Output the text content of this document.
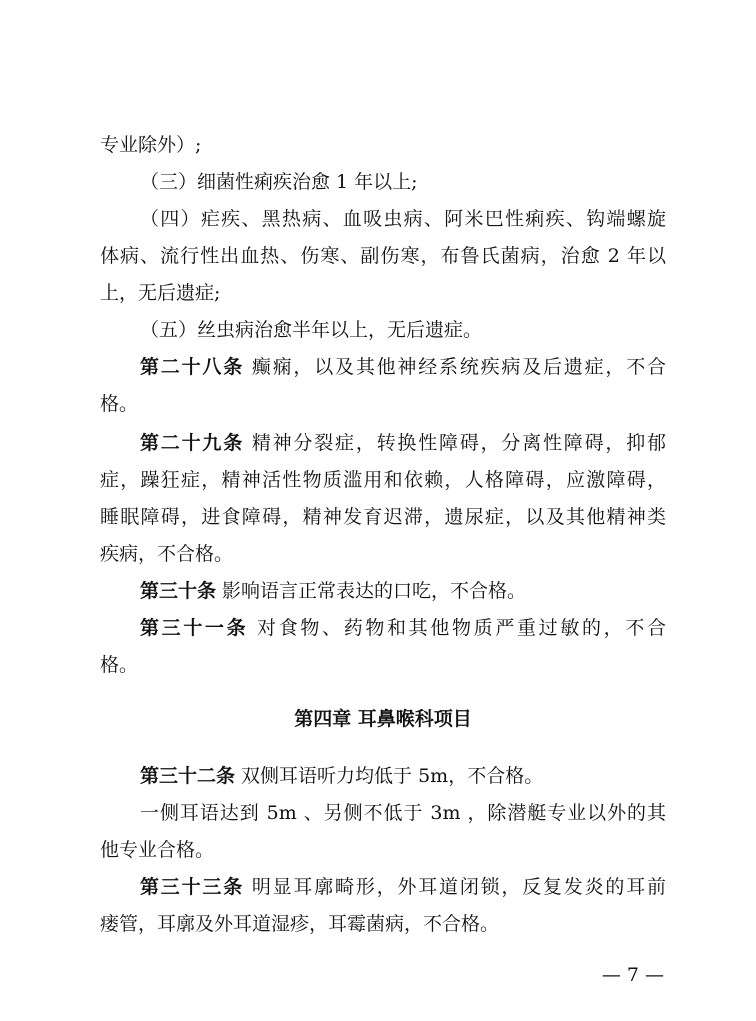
专业除外）;
（三）细菌性痢疾治愈 1 年以上;
（四）疟疾、黑热病、血吸虫病、阿米巴性痢疾、钩端螺旋
体病、流行性出血热、伤寒、副伤寒，布鲁氏菌病，治愈 2 年以
上，无后遗症;
（五）丝虫病治愈半年以上，无后遗症。
第二十八条 癫痫，以及其他神经系统疾病及后遗症，不合
格。
第二十九条 精神分裂症，转换性障碍，分离性障碍，抑郁
症，躁狂症，精神活性物质滥用和依赖，人格障碍，应激障碍，
睡眠障碍，进食障碍，精神发育迟滞，遗尿症，以及其他精神类
疾病，不合格。
第三十条 影响语言正常表达的口吃，不合格。
第三十一条 对食物、药物和其他物质严重过敏的，不合
格。
第四章 耳鼻喉科项目
第三十二条 双侧耳语听力均低于 5m，不合格。
一侧耳语达到 5m 、另侧不低于 3m ，除潜艇专业以外的其
他专业合格。
第三十三条 明显耳廓畸形，外耳道闭锁，反复发炎的耳前
瘘管，耳廓及外耳道湿疹，耳霉菌病，不合格。
— 7 —
